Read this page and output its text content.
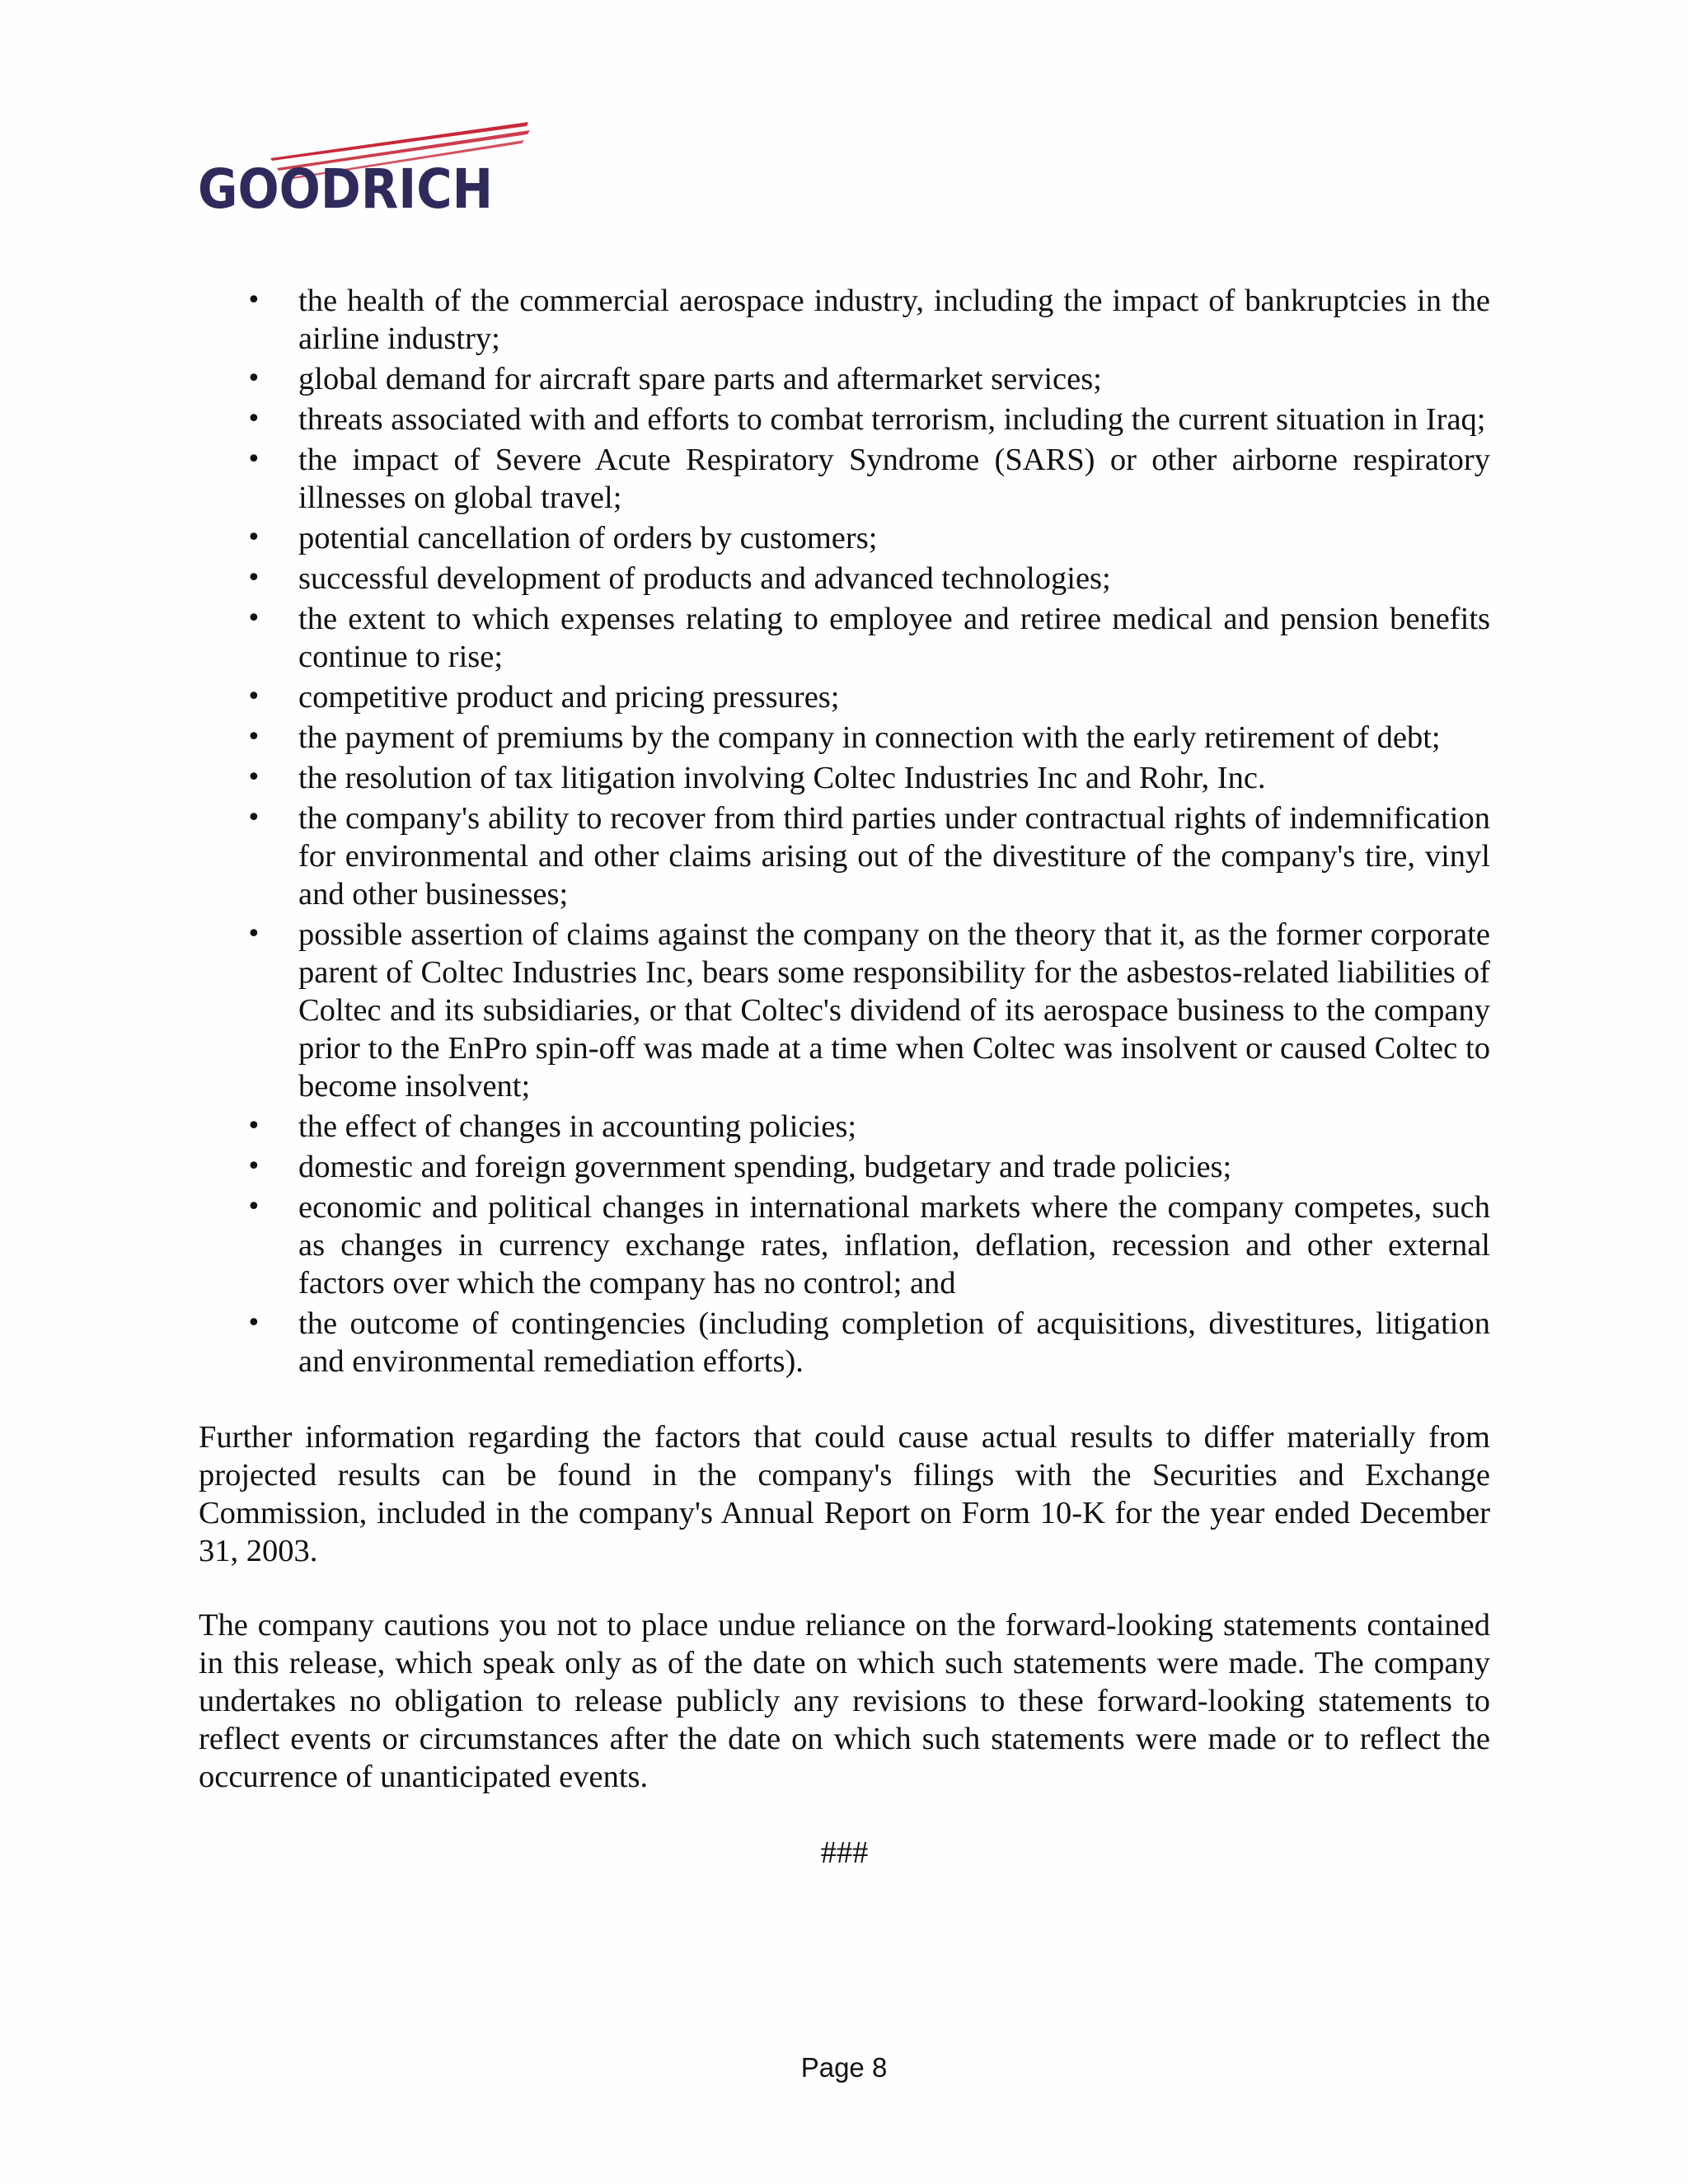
GOODRICH
• the health of the commercial aerospace industry, including the impact of bankruptcies in the airline industry;
• global demand for aircraft spare parts and aftermarket services;
• threats associated with and efforts to combat terrorism, including the current situation in Iraq;
• the impact of Severe Acute Respiratory Syndrome (SARS) or other airborne respiratory illnesses on global travel;
• potential cancellation of orders by customers;
• successful development of products and advanced technologies;
• the extent to which expenses relating to employee and retiree medical and pension benefits continue to rise;
• competitive product and pricing pressures;
• the payment of premiums by the company in connection with the early retirement of debt;
• the resolution of tax litigation involving Coltec Industries Inc and Rohr, Inc.
• the company's ability to recover from third parties under contractual rights of indemnification for environmental and other claims arising out of the divestiture of the company's tire, vinyl and other businesses;
• possible assertion of claims against the company on the theory that it, as the former corporate parent of Coltec Industries Inc, bears some responsibility for the asbestos-related liabilities of Coltec and its subsidiaries, or that Coltec's dividend of its aerospace business to the company prior to the EnPro spin-off was made at a time when Coltec was insolvent or caused Coltec to become insolvent;
• the effect of changes in accounting policies;
• domestic and foreign government spending, budgetary and trade policies;
• economic and political changes in international markets where the company competes, such as changes in currency exchange rates, inflation, deflation, recession and other external factors over which the company has no control; and
• the outcome of contingencies (including completion of acquisitions, divestitures, litigation and environmental remediation efforts).

Further information regarding the factors that could cause actual results to differ materially from projected results can be found in the company's filings with the Securities and Exchange Commission, included in the company's Annual Report on Form 10-K for the year ended December 31, 2003.

The company cautions you not to place undue reliance on the forward-looking statements contained in this release, which speak only as of the date on which such statements were made. The company undertakes no obligation to release publicly any revisions to these forward-looking statements to reflect events or circumstances after the date on which such statements were made or to reflect the occurrence of unanticipated events.

###
Page 8
